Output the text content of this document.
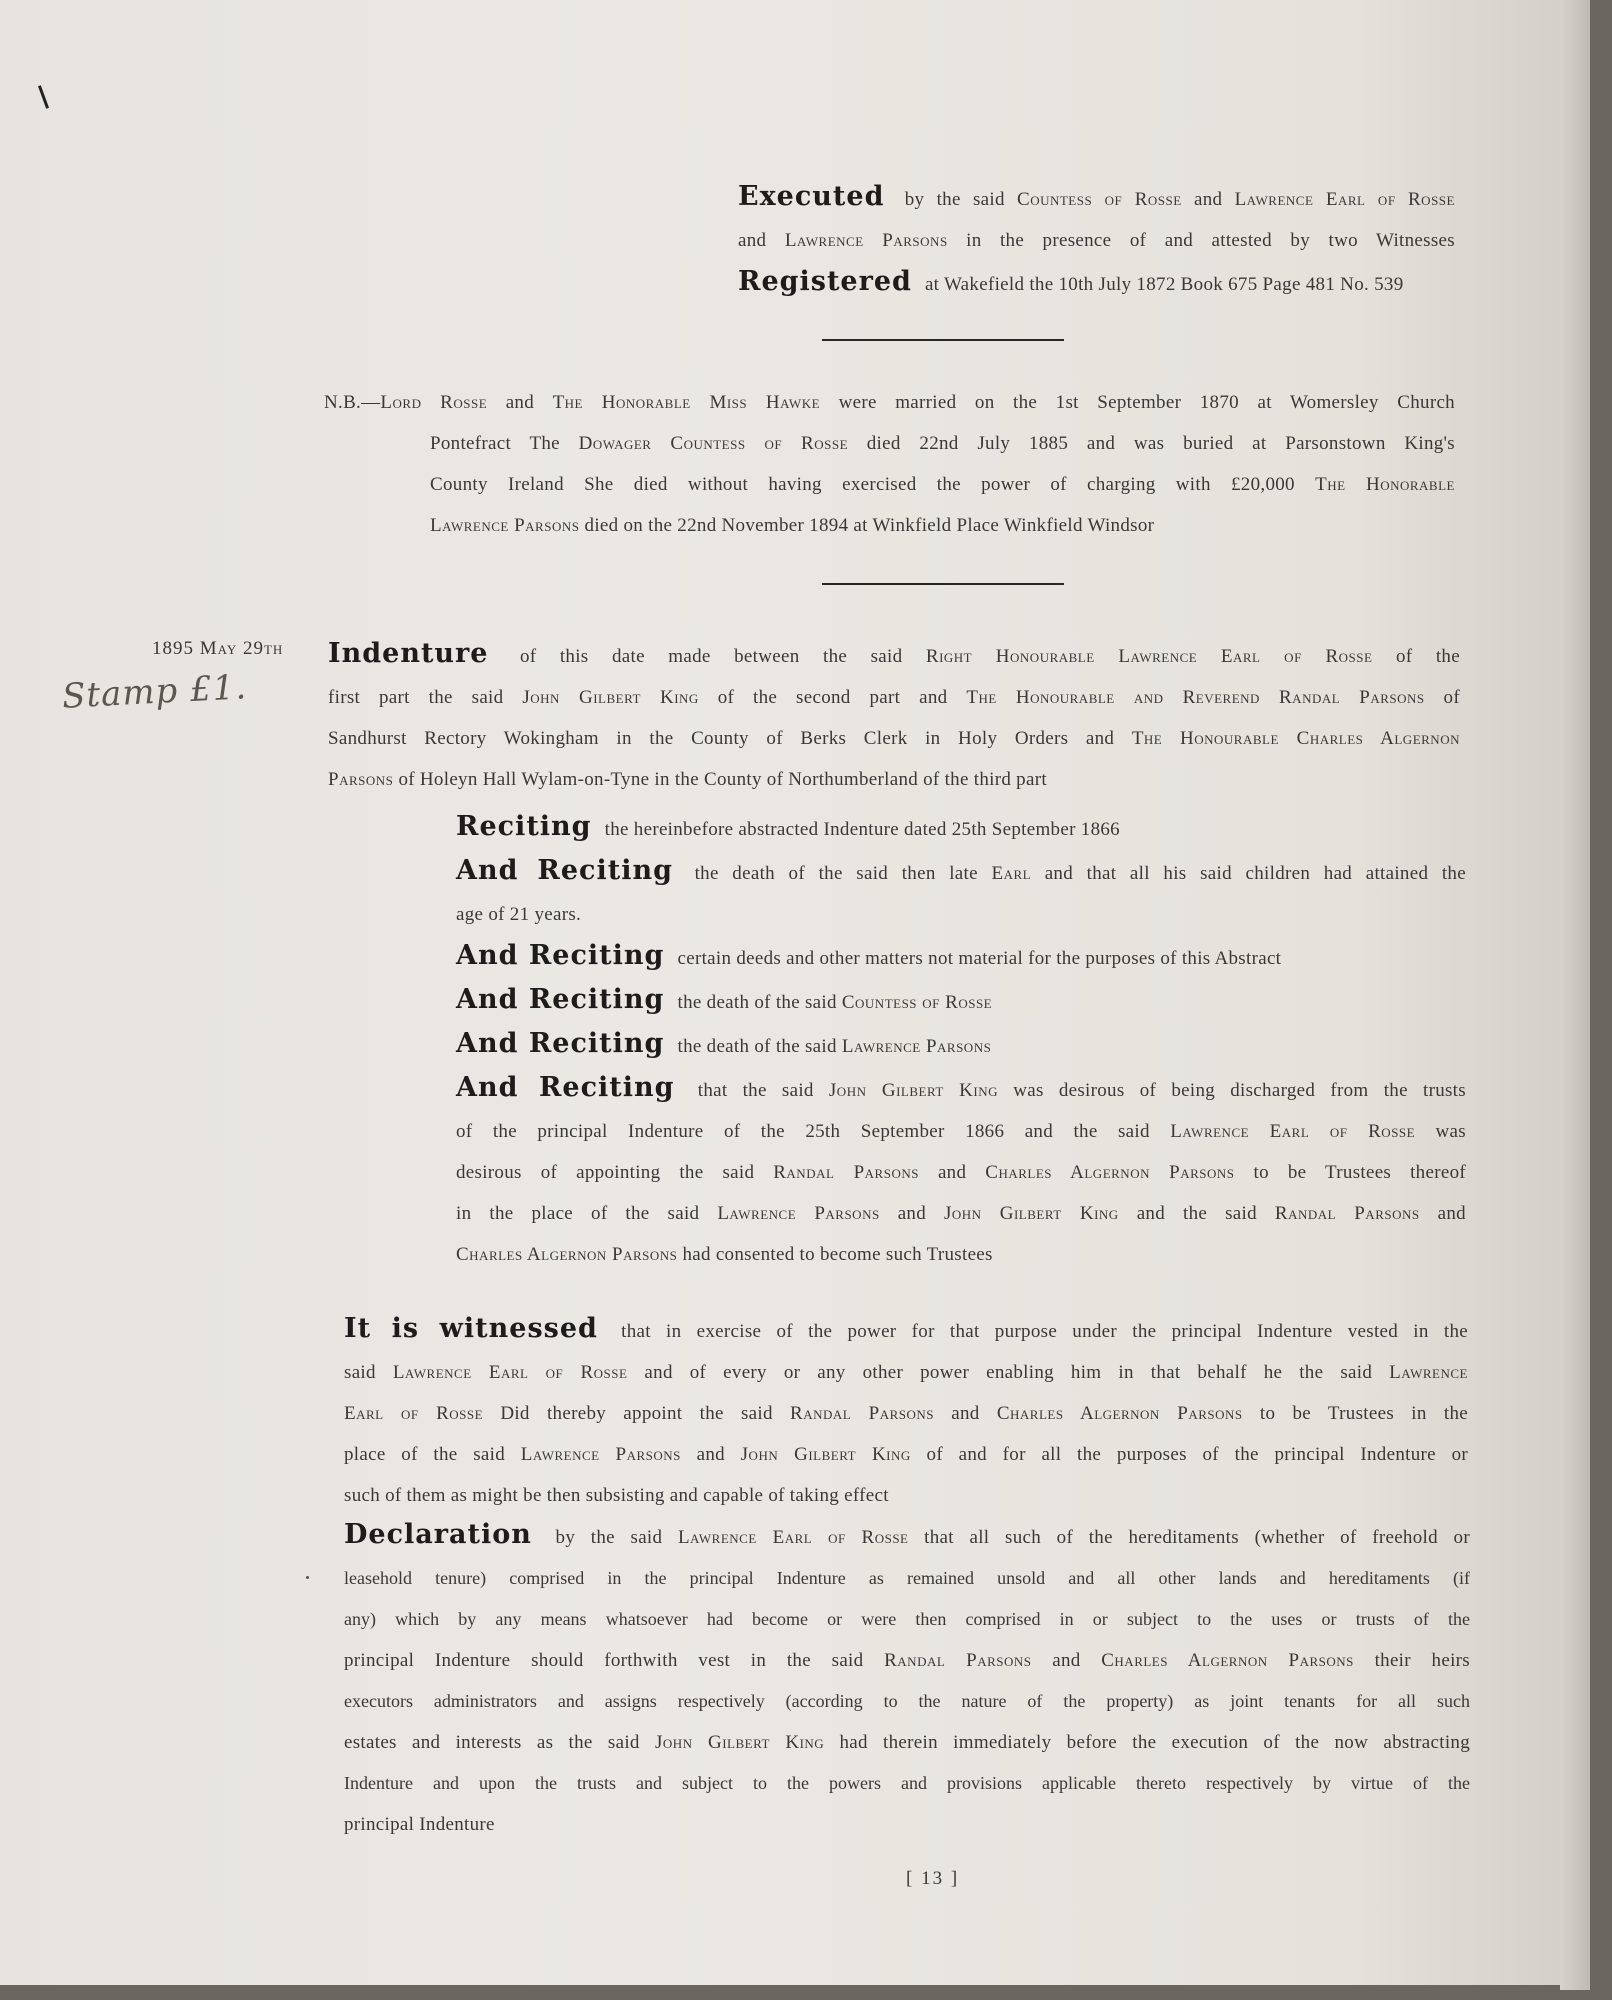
Executed by the said Countess of Rosse and Lawrence Earl of Rosse
and Lawrence Parsons in the presence of and attested by two Witnesses
Registered at Wakefield the 10th July 1872 Book 675 Page 481 No. 539
N.B.—Lord Rosse and The Honorable Miss Hawke were married on the 1st September 1870 at Womersley Church
Pontefract The Dowager Countess of Rosse died 22nd July 1885 and was buried at Parsonstown King's
County Ireland She died without having exercised the power of charging with £20,000 The Honorable
Lawrence Parsons died on the 22nd November 1894 at Winkfield Place Winkfield Windsor
1895 May 29th
Stamp £1.
Indenture of this date made between the said Right Honourable Lawrence Earl of Rosse of the
first part the said John Gilbert King of the second part and The Honourable and Reverend Randal Parsons of
Sandhurst Rectory Wokingham in the County of Berks Clerk in Holy Orders and The Honourable Charles Algernon
Parsons of Holeyn Hall Wylam-on-Tyne in the County of Northumberland of the third part
Reciting the hereinbefore abstracted Indenture dated 25th September 1866
And Reciting the death of the said then late Earl and that all his said children had attained the
age of 21 years.
And Reciting certain deeds and other matters not material for the purposes of this Abstract
And Reciting the death of the said Countess of Rosse
And Reciting the death of the said Lawrence Parsons
And Reciting that the said John Gilbert King was desirous of being discharged from the trusts
of the principal Indenture of the 25th September 1866 and the said Lawrence Earl of Rosse was
desirous of appointing the said Randal Parsons and Charles Algernon Parsons to be Trustees thereof
in the place of the said Lawrence Parsons and John Gilbert King and the said Randal Parsons and
Charles Algernon Parsons had consented to become such Trustees
It is witnessed that in exercise of the power for that purpose under the principal Indenture vested in the
said Lawrence Earl of Rosse and of every or any other power enabling him in that behalf he the said Lawrence
Earl of Rosse Did thereby appoint the said Randal Parsons and Charles Algernon Parsons to be Trustees in the
place of the said Lawrence Parsons and John Gilbert King of and for all the purposes of the principal Indenture or
such of them as might be then subsisting and capable of taking effect
Declaration by the said Lawrence Earl of Rosse that all such of the hereditaments (whether of freehold or
leasehold tenure) comprised in the principal Indenture as remained unsold and all other lands and hereditaments (if
any) which by any means whatsoever had become or were then comprised in or subject to the uses or trusts of the
principal Indenture should forthwith vest in the said Randal Parsons and Charles Algernon Parsons their heirs
executors administrators and assigns respectively (according to the nature of the property) as joint tenants for all such
estates and interests as the said John Gilbert King had therein immediately before the execution of the now abstracting
Indenture and upon the trusts and subject to the powers and provisions applicable thereto respectively by virtue of the
principal Indenture
[ 13 ]
